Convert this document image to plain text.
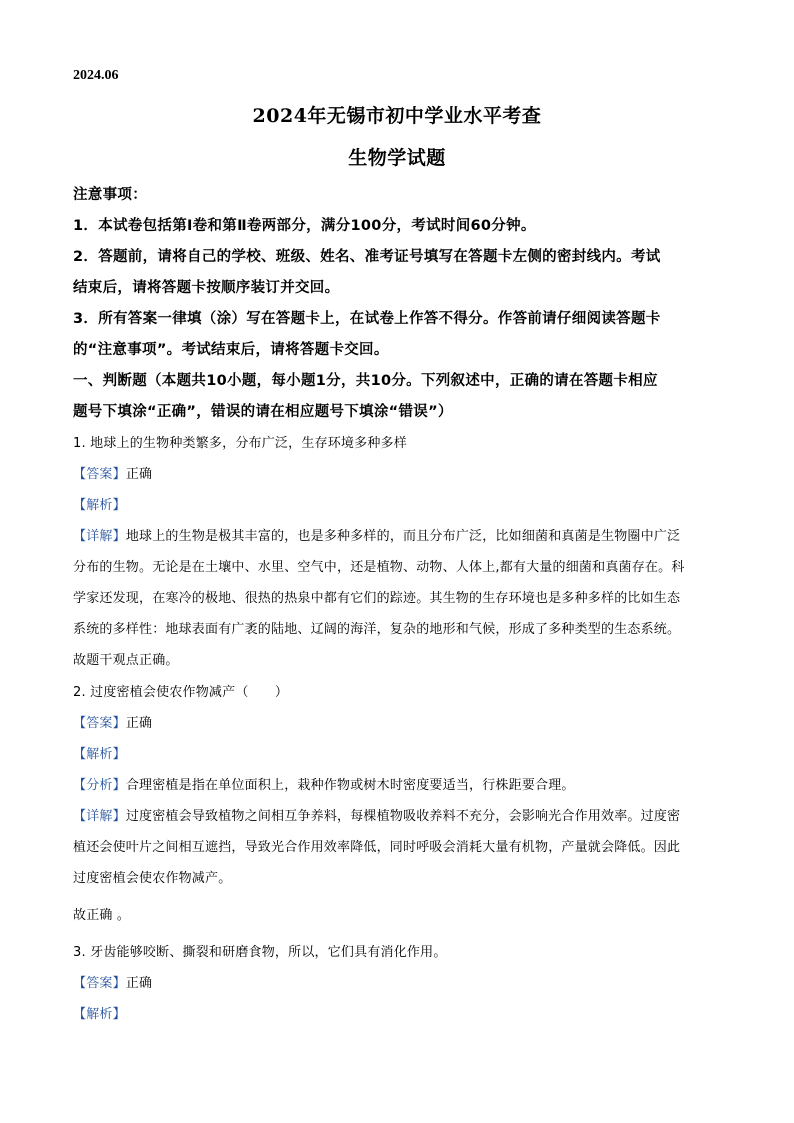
2024.06
2024年无锡市初中学业水平考查
生物学试题
注意事项：
1．本试卷包括第Ⅰ卷和第Ⅱ卷两部分，满分100分，考试时间60分钟。
2．答题前，请将自己的学校、班级、姓名、准考证号填写在答题卡左侧的密封线内。考试
结束后，请将答题卡按顺序装订并交回。
3．所有答案一律填（涂）写在答题卡上，在试卷上作答不得分。作答前请仔细阅读答题卡
的“注意事项”。考试结束后，请将答题卡交回。
一、判断题（本题共10小题，每小题1分，共10分。下列叙述中，正确的请在答题卡相应
题号下填涂“正确”，错误的请在相应题号下填涂“错误”）
1. 地球上的生物种类繁多，分布广泛，生存环境多种多样
【答案】正确
【解析】
【详解】地球上的生物是极其丰富的，也是多种多样的，而且分布广泛，比如细菌和真菌是生物圈中广泛
分布的生物。无论是在土壤中、水里、空气中，还是植物、动物、人体上,都有大量的细菌和真菌存在。科
学家还发现，在寒冷的极地、很热的热泉中都有它们的踪迹。其生物的生存环境也是多种多样的比如生态
系统的多样性：地球表面有广袤的陆地、辽阔的海洋，复杂的地形和气候，形成了多种类型的生态系统。
故题干观点正确。
2. 过度密植会使农作物减产（　　）
【答案】正确
【解析】
【分析】合理密植是指在单位面积上，栽种作物或树木时密度要适当，行株距要合理。
【详解】过度密植会导致植物之间相互争养料，每棵植物吸收养料不充分，会影响光合作用效率。过度密
植还会使叶片之间相互遮挡，导致光合作用效率降低，同时呼吸会消耗大量有机物，产量就会降低。因此
过度密植会使农作物减产。
故正确 。
3. 牙齿能够咬断、撕裂和研磨食物，所以，它们具有消化作用。
【答案】正确
【解析】
